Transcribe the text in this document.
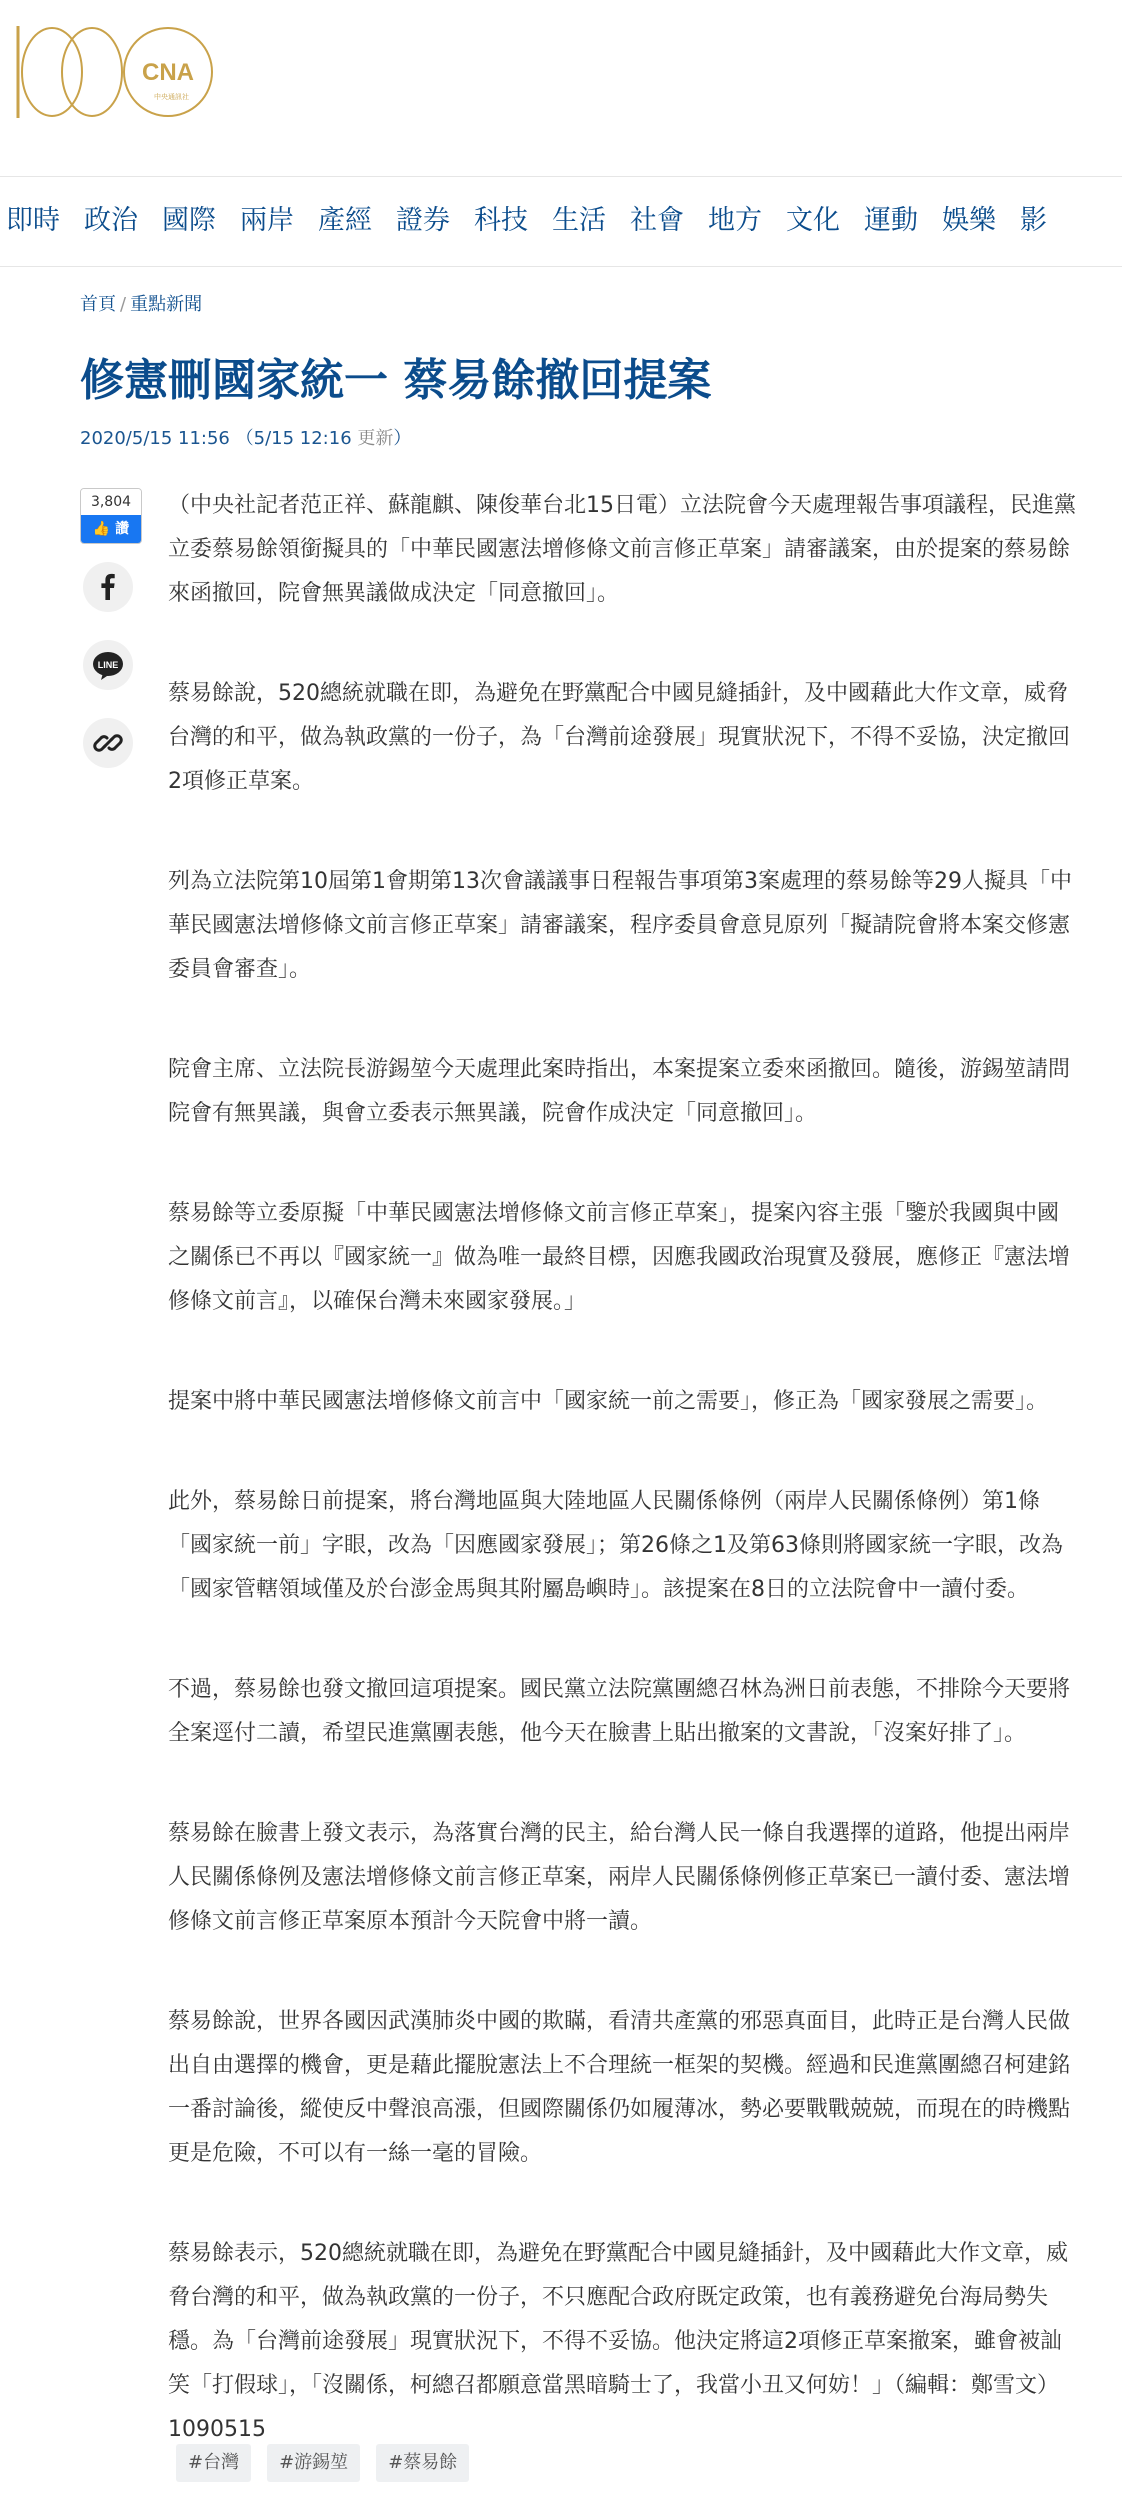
CNA
中央通訊社
即時 政治 國際 兩岸 產經 證券 科技 生活 社會 地方 文化 運動 娛樂 影
首頁 / 重點新聞
修憲刪國家統一 蔡易餘撤回提案
2020/5/15 11:56 （5/15 12:16 更新）
3,804
👍 讚
LINE

（中央社記者范正祥、蘇龍麒、陳俊華台北15日電）立法院會今天處理報告事項議程，民進黨立委蔡易餘領銜擬具的「中華民國憲法增修條文前言修正草案」請審議案，由於提案的蔡易餘來函撤回，院會無異議做成決定「同意撤回」。

蔡易餘說，520總統就職在即，為避免在野黨配合中國見縫插針，及中國藉此大作文章，威脅台灣的和平，做為執政黨的一份子，為「台灣前途發展」現實狀況下，不得不妥協，決定撤回2項修正草案。

列為立法院第10屆第1會期第13次會議議事日程報告事項第3案處理的蔡易餘等29人擬具「中華民國憲法增修條文前言修正草案」請審議案，程序委員會意見原列「擬請院會將本案交修憲委員會審查」。

院會主席、立法院長游錫堃今天處理此案時指出，本案提案立委來函撤回。隨後，游錫堃請問院會有無異議，與會立委表示無異議，院會作成決定「同意撤回」。

蔡易餘等立委原擬「中華民國憲法增修條文前言修正草案」，提案內容主張「鑒於我國與中國之關係已不再以『國家統一』做為唯一最終目標，因應我國政治現實及發展，應修正『憲法增修條文前言』，以確保台灣未來國家發展。」

提案中將中華民國憲法增修條文前言中「國家統一前之需要」，修正為「國家發展之需要」。

此外，蔡易餘日前提案，將台灣地區與大陸地區人民關係條例（兩岸人民關係條例）第1條「國家統一前」字眼，改為「因應國家發展」；第26條之1及第63條則將國家統一字眼，改為「國家管轄領域僅及於台澎金馬與其附屬島嶼時」。該提案在8日的立法院會中一讀付委。

不過，蔡易餘也發文撤回這項提案。國民黨立法院黨團總召林為洲日前表態，不排除今天要將全案逕付二讀，希望民進黨團表態，他今天在臉書上貼出撤案的文書說，「沒案好排了」。

蔡易餘在臉書上發文表示，為落實台灣的民主，給台灣人民一條自我選擇的道路，他提出兩岸人民關係條例及憲法增修條文前言修正草案，兩岸人民關係條例修正草案已一讀付委、憲法增修條文前言修正草案原本預計今天院會中將一讀。

蔡易餘說，世界各國因武漢肺炎中國的欺瞞，看清共產黨的邪惡真面目，此時正是台灣人民做出自由選擇的機會，更是藉此擺脫憲法上不合理統一框架的契機。經過和民進黨團總召柯建銘一番討論後，縱使反中聲浪高漲，但國際關係仍如履薄冰，勢必要戰戰兢兢，而現在的時機點更是危險，不可以有一絲一毫的冒險。

蔡易餘表示，520總統就職在即，為避免在野黨配合中國見縫插針，及中國藉此大作文章，威脅台灣的和平，做為執政黨的一份子，不只應配合政府既定政策，也有義務避免台海局勢失穩。為「台灣前途發展」現實狀況下，不得不妥協。他決定將這2項修正草案撤案，雖會被訕笑「打假球」，「沒關係，柯總召都願意當黑暗騎士了，我當小丑又何妨！」（編輯：鄭雪文）1090515

#台灣 #游錫堃 #蔡易餘
